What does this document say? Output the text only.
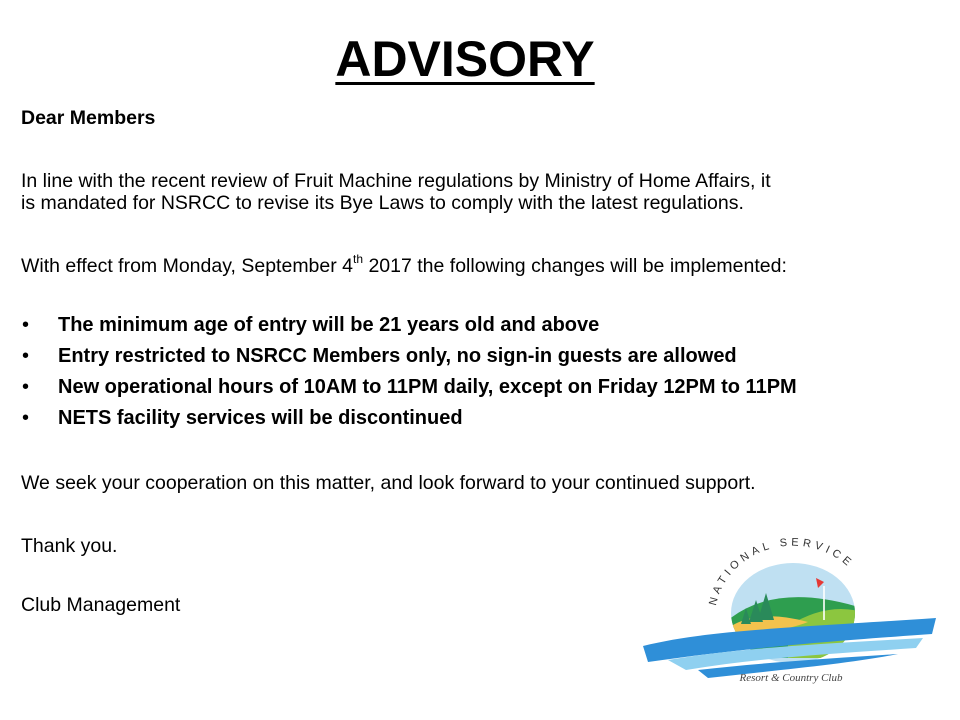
ADVISORY
Dear Members
In line with the recent review of Fruit Machine regulations by Ministry of Home Affairs, it
is mandated for NSRCC to revise its Bye Laws to comply with the latest regulations.
With effect from Monday, September 4th 2017 the following changes will be implemented:
• The minimum age of entry will be 21 years old and above
• Entry restricted to NSRCC Members only, no sign-in guests are allowed
• New operational hours of 10AM to 11PM daily, except on Friday 12PM to 11PM
• NETS facility services will be discontinued
We seek your cooperation on this matter, and look forward to your continued support.
Thank you.
Club Management	NATIONAL SERVICE
Resort & Country Club
